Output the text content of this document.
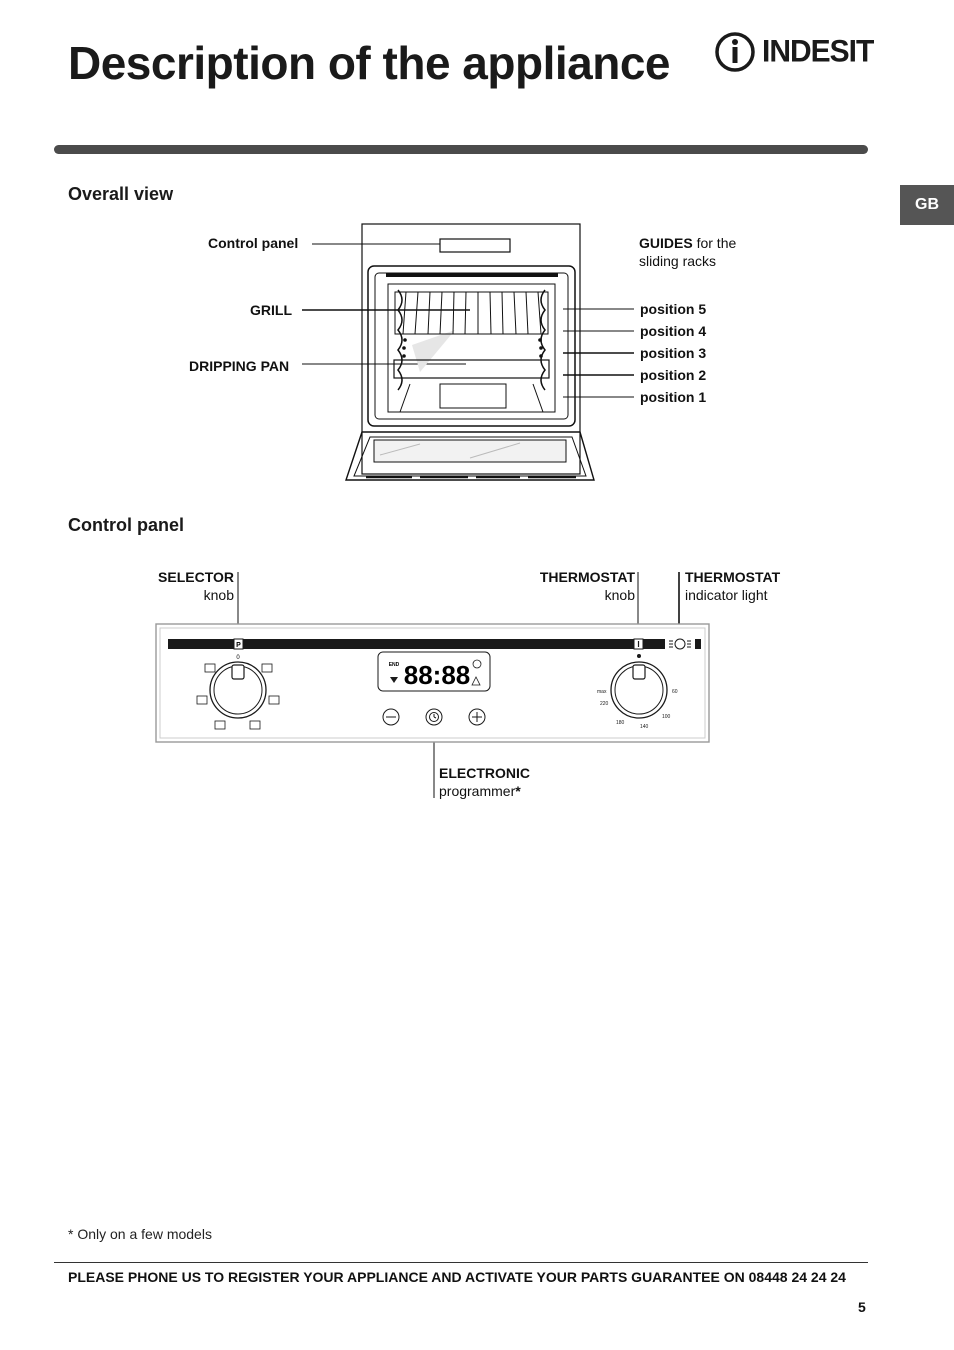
Description of the appliance	INDESIT
GB
Overall view
Control panel
GRILL
DRIPPING PAN
GUIDES for the
sliding racks
position 5
position 4
position 3
position 2
position 1
Control panel
SELECTOR
knob
THERMOSTAT
knob
THERMOSTAT
indicator light
ELECTRONIC
programmer*
P
0
END 88:88
max
220
180
140
100
60
* Only on a few models
PLEASE PHONE US TO REGISTER YOUR APPLIANCE AND ACTIVATE YOUR PARTS GUARANTEE ON 08448 24 24 24
5
